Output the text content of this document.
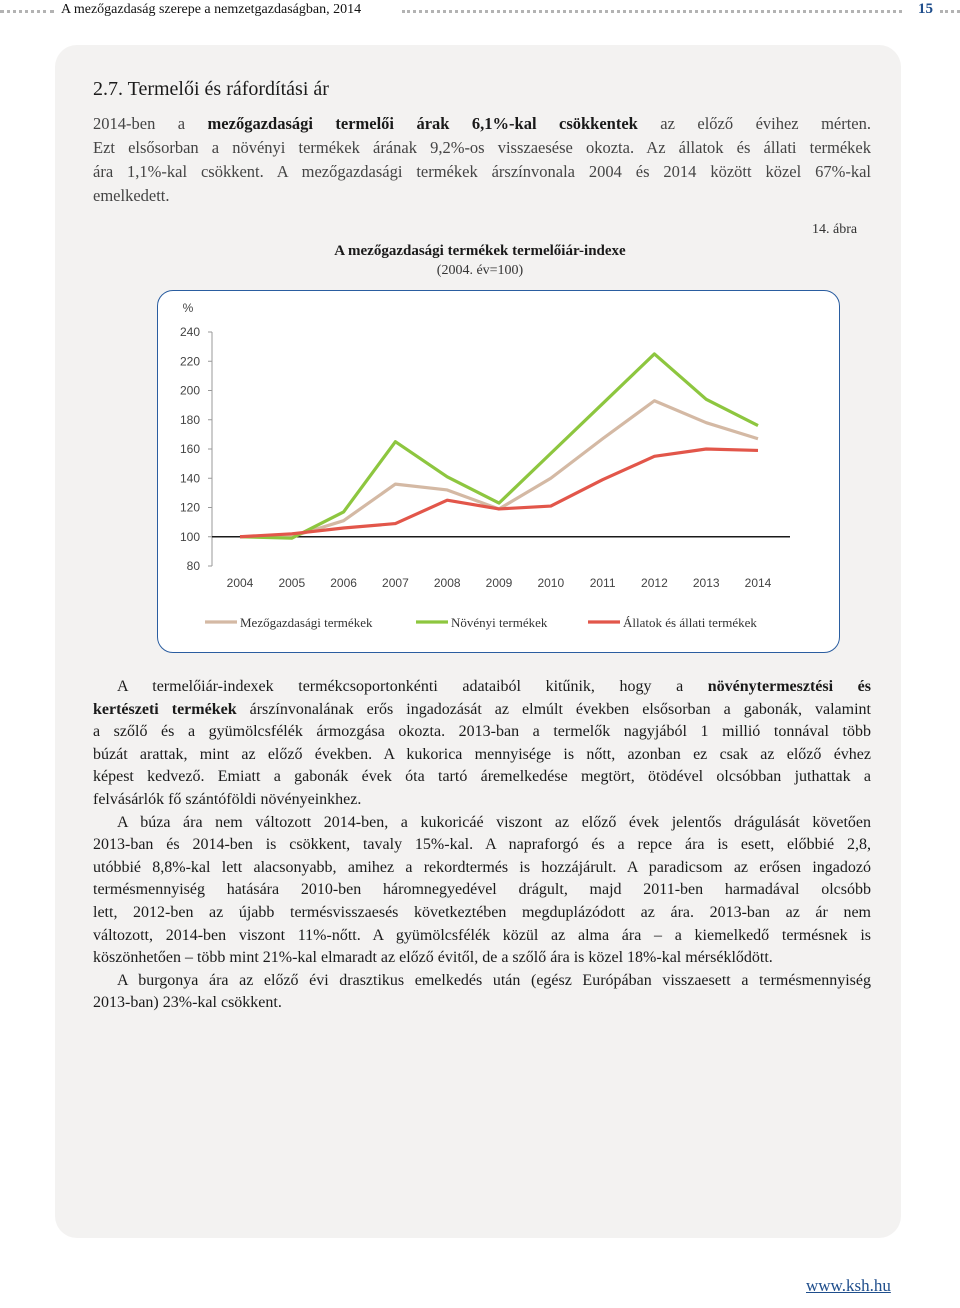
A mezőgazdaság szerepe a nemzetgazdaságban, 2014	15
2.7. Termelői és ráfordítási ár
2014-ben a mezőgazdasági termelői árak 6,1%-kal csökkentek az előző évihez mérten.
Ezt elsősorban a növényi termékek árának 9,2%-os visszaesése okozta. Az állatok és állati termékek
ára 1,1%-kal csökkent. A mezőgazdasági termékek árszínvonala 2004 és 2014 között közel 67%-kal
emelkedett.
14. ábra
A mezőgazdasági termékek termelőiár-indexe
(2004. év=100)
80
100
120
140
160
180
200
220
240
%
2004 2005 2006 2007 2008 2009 2010 2011 2012 2013 2014
Mezőgazdasági termékek	Növényi termékek	Állatok és állati termékek
A termelőiár-indexek termékcsoportonkénti adataiból kitűnik, hogy a növénytermesztési és
kertészeti termékek árszínvonalának erős ingadozását az elmúlt években elsősorban a gabonák, valamint
a szőlő és a gyümölcsfélék ármozgása okozta. 2013-ban a termelők nagyjából 1 millió tonnával több
búzát arattak, mint az előző években. A kukorica mennyisége is nőtt, azonban ez csak az előző évhez
képest kedvező. Emiatt a gabonák évek óta tartó áremelkedése megtört, ötödével olcsóbban juthattak a
felvásárlók fő szántóföldi növényeinkhez.
A búza ára nem változott 2014-ben, a kukoricáé viszont az előző évek jelentős drágulását követően
2013-ban és 2014-ben is csökkent, tavaly 15%-kal. A napraforgó és a repce ára is esett, előbbié 2,8,
utóbbié 8,8%-kal lett alacsonyabb, amihez a rekordtermés is hozzájárult. A paradicsom az erősen ingadozó
termésmennyiség hatására 2010-ben háromnegyedével drágult, majd 2011-ben harmadával olcsóbb
lett, 2012-ben az újabb termésvisszaesés következtében megduplázódott az ára. 2013-ban az ár nem
változott, 2014-ben viszont 11%-nőtt. A gyümölcsfélék közül az alma ára – a kiemelkedő termésnek is
köszönhetően – több mint 21%-kal elmaradt az előző évitől, de a szőlő ára is közel 18%-kal mérséklődött.
A burgonya ára az előző évi drasztikus emelkedés után (egész Európában visszaesett a termésmennyiség
2013-ban) 23%-kal csökkent.
www.ksh.hu
